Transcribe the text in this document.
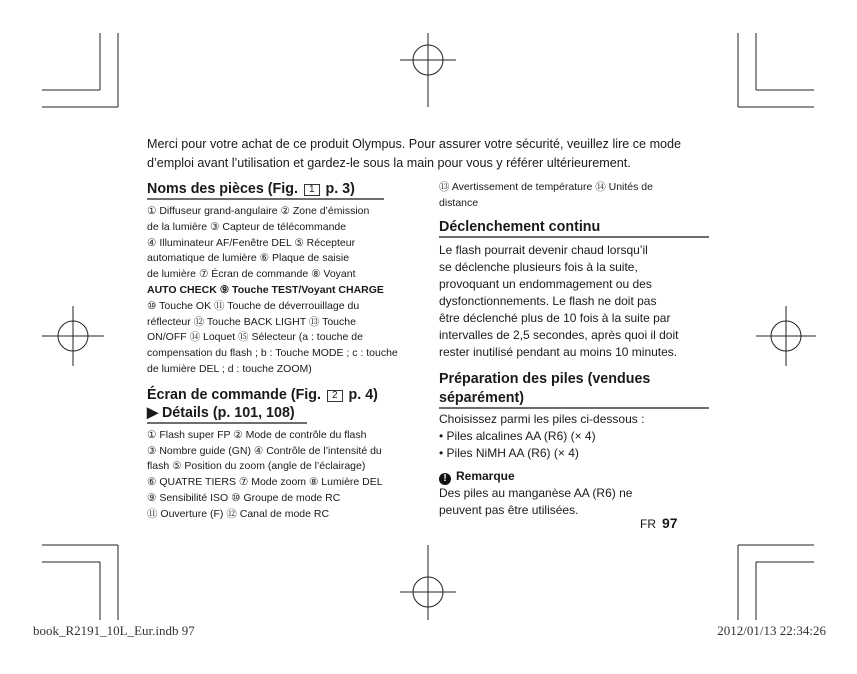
Merci pour votre achat de ce produit Olympus. Pour assurer votre sécurité, veuillez lire ce mode d’emploi avant l’utilisation et gardez-le sous la main pour vous y référer ultérieurement.
Noms des pièces (Fig. 1 p. 3)
① Diffuseur grand-angulaire ② Zone d’émission
de la lumière ③ Capteur de télécommande
④ Illuminateur AF/Fenêtre DEL ⑤ Récepteur
automatique de lumière ⑥ Plaque de saisie
de lumière ⑦ Écran de commande ⑧ Voyant
AUTO CHECK ⑨ Touche TEST/Voyant CHARGE
⑩ Touche OK ⑪ Touche de déverrouillage du
réflecteur ⑫ Touche BACK LIGHT ⑬ Touche
ON/OFF ⑭ Loquet ⑮ Sélecteur (a : touche de
compensation du flash ; b : Touche MODE ; c : touche
de lumière DEL ; d : touche ZOOM)
Écran de commande (Fig. 2 p. 4)
▶ Détails (p. 101, 108)
① Flash super FP ② Mode de contrôle du flash
③ Nombre guide (GN) ④ Contrôle de l’intensité du
flash ⑤ Position du zoom (angle de l’éclairage)
⑥ QUATRE TIERS ⑦ Mode zoom ⑧ Lumière DEL
⑨ Sensibilité ISO ⑩ Groupe de mode RC
⑪ Ouverture (F) ⑫ Canal de mode RC
⑬ Avertissement de température ⑭ Unités de
distance
Déclenchement continu
Le flash pourrait devenir chaud lorsqu’il
se déclenche plusieurs fois à la suite,
provoquant un endommagement ou des
dysfonctionnements. Le flash ne doit pas
être déclenché plus de 10 fois à la suite par
intervalles de 2,5 secondes, après quoi il doit
rester inutilisé pendant au moins 10 minutes.
Préparation des piles (vendues
séparément)
Choisissez parmi les piles ci-dessous :
• Piles alcalines AA (R6) (× 4)
• Piles NiMH AA (R6) (× 4)
! Remarque
Des piles au manganèse AA (R6) ne
peuvent pas être utilisées.
FR 97
book_R2191_10L_Eur.indb 97	2012/01/13 22:34:26
